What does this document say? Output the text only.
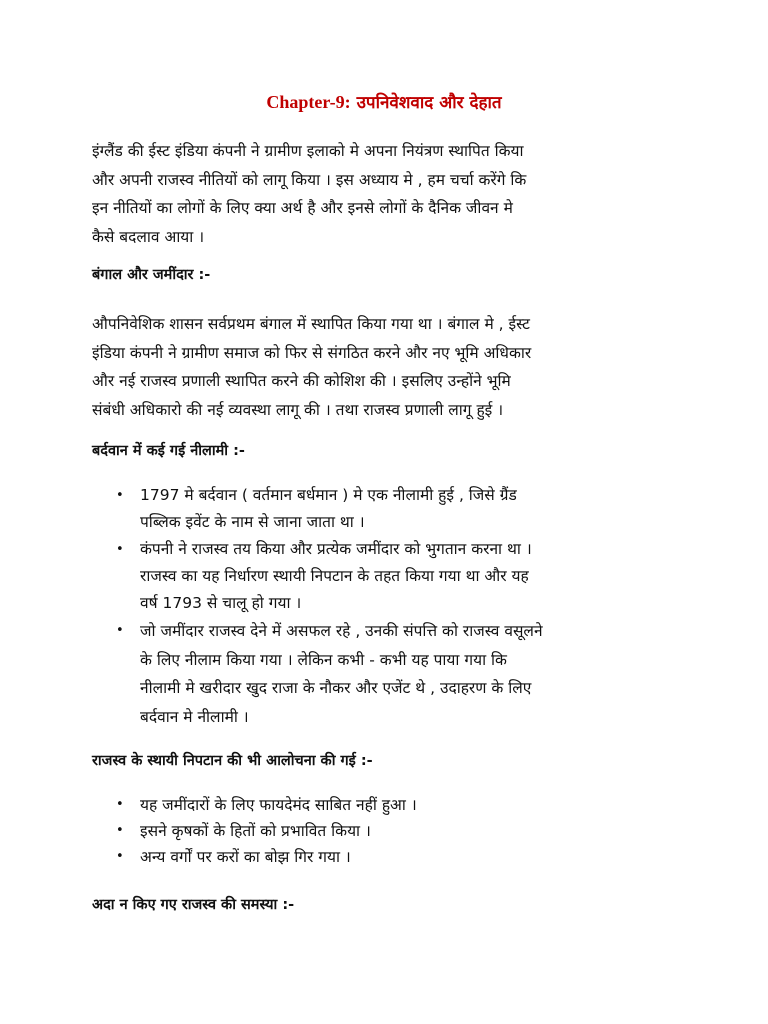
Chapter-9: उपनिवेशवाद और देहात

इंग्लैंड की ईस्ट इंडिया कंपनी ने ग्रामीण इलाको मे अपना नियंत्रण स्थापित किया
और अपनी राजस्व नीतियों को लागू किया । इस अध्याय मे , हम चर्चा करेंगे कि
इन नीतियों का लोगों के लिए क्या अर्थ है और इनसे लोगों के दैनिक जीवन मे
कैसे बदलाव आया ।

बंगाल और जमींदार :-

औपनिवेशिक शासन सर्वप्रथम बंगाल में स्थापित किया गया था । बंगाल मे , ईस्ट
इंडिया कंपनी ने ग्रामीण समाज को फिर से संगठित करने और नए भूमि अधिकार
और नई राजस्व प्रणाली स्थापित करने की कोशिश की । इसलिए उन्होंने भूमि
संबंधी अधिकारो की नई व्यवस्था लागू की । तथा राजस्व प्रणाली लागू हुई ।

बर्दवान में कई गई नीलामी :-
• 1797 मे बर्दवान ( वर्तमान बर्धमान ) मे एक नीलामी हुई , जिसे ग्रैंड
पब्लिक इवेंट के नाम से जाना जाता था ।
• कंपनी ने राजस्व तय किया और प्रत्येक जमींदार को भुगतान करना था ।
राजस्व का यह निर्धारण स्थायी निपटान के तहत किया गया था और यह
वर्ष 1793 से चालू हो गया ।
• जो जमींदार राजस्व देने में असफल रहे , उनकी संपत्ति को राजस्व वसूलने
के लिए नीलाम किया गया । लेकिन कभी - कभी यह पाया गया कि
नीलामी मे खरीदार खुद राजा के नौकर और एजेंट थे , उदाहरण के लिए
बर्दवान मे नीलामी ।
राजस्व के स्थायी निपटान की भी आलोचना की गई :-
• यह जमींदारों के लिए फायदेमंद साबित नहीं हुआ ।
• इसने कृषकों के हितों को प्रभावित किया ।
• अन्य वर्गों पर करों का बोझ गिर गया ।
अदा न किए गए राजस्व की समस्या :-
